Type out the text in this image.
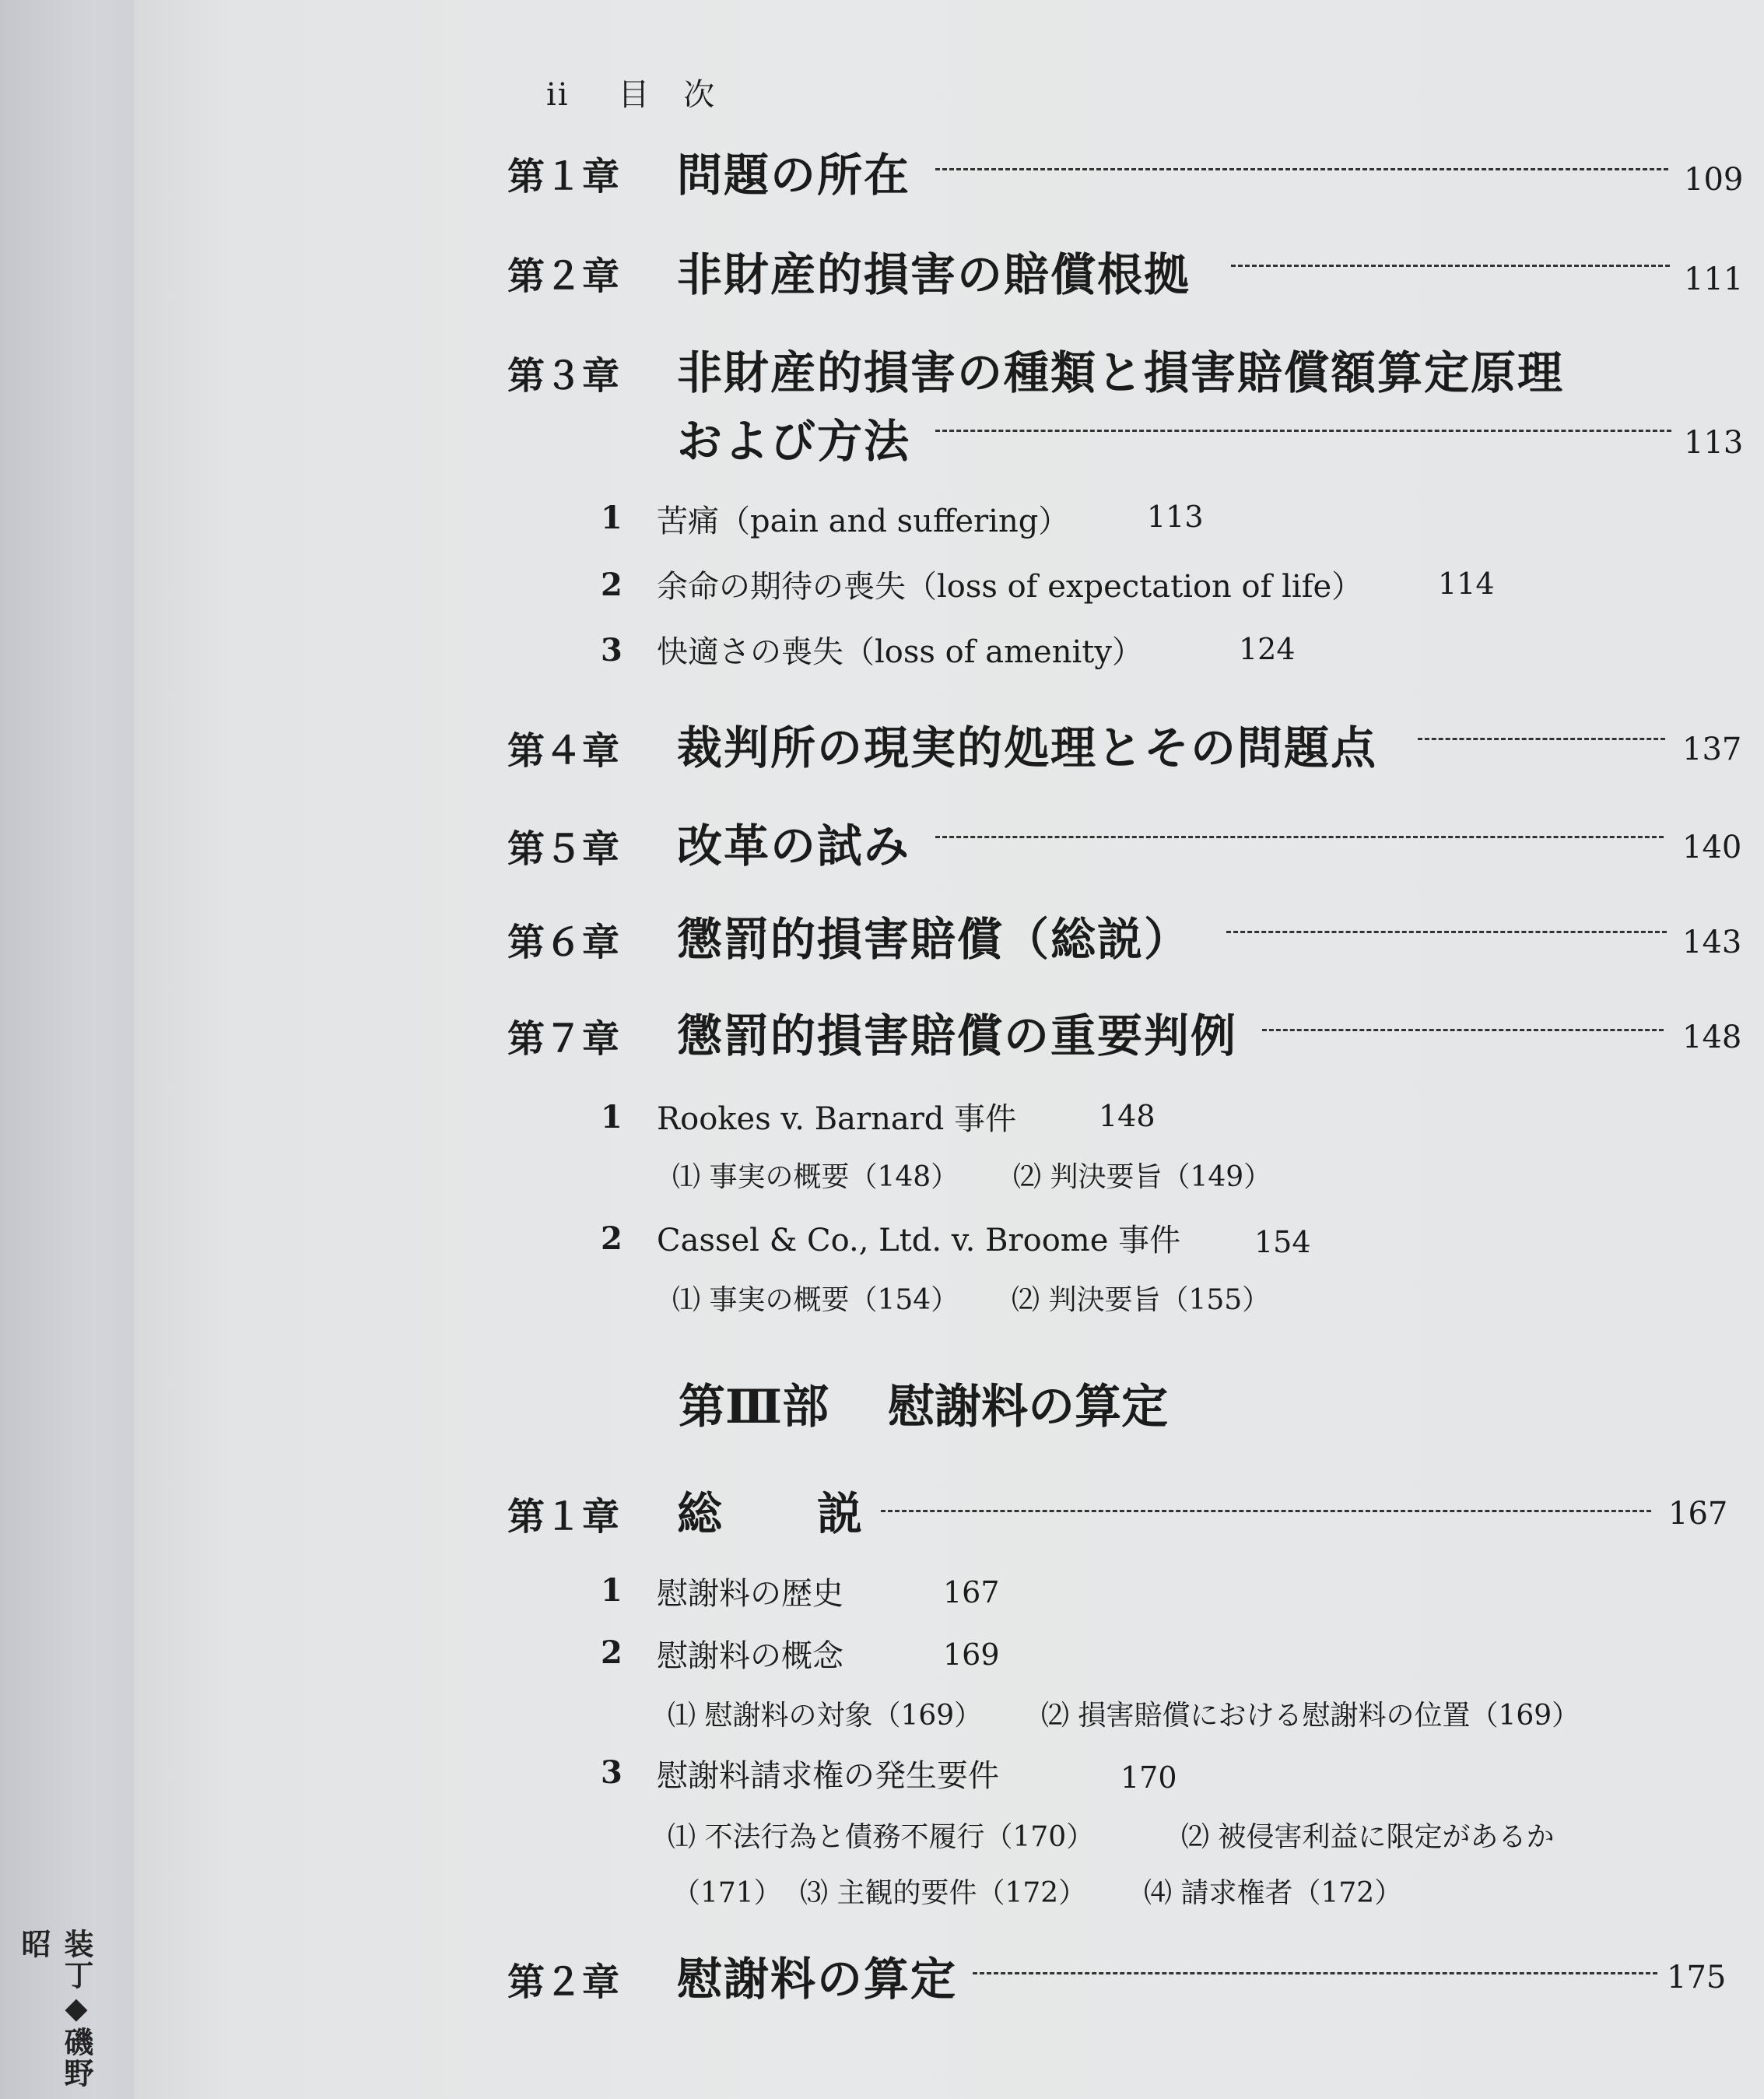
装丁◆磯野昭
ii 目　次
第１章 問題の所在	109
第２章 非財産的損害の賠償根拠	111
第３章 非財産的損害の種類と損害賠償額算定原理
および方法	113
1 苦痛（pain and suffering）	113
2 余命の期待の喪失（loss of expectation of life）	114
3 快適さの喪失（loss of amenity）	124
第４章 裁判所の現実的処理とその問題点	137
第５章 改革の試み	140
第６章 懲罰的損害賠償（総説）	143
第７章 懲罰的損害賠償の重要判例	148
1 Rookes v. Barnard 事件	148
⑴ 事実の概要（148） ⑵ 判決要旨（149）
2 Cassel & Co., Ltd. v. Broome 事件 154
⑴ 事実の概要（154） ⑵ 判決要旨（155）
第Ⅲ部 慰謝料の算定
第１章 総　　説	167
1 慰謝料の歴史	167
2 慰謝料の概念	169
⑴ 慰謝料の対象（169） ⑵ 損害賠償における慰謝料の位置（169）
3 慰謝料請求権の発生要件	170
⑴ 不法行為と債務不履行（170）	⑵ 被侵害利益に限定があるか
（171） ⑶ 主観的要件（172） ⑷ 請求権者（172）
第２章 慰謝料の算定	175
